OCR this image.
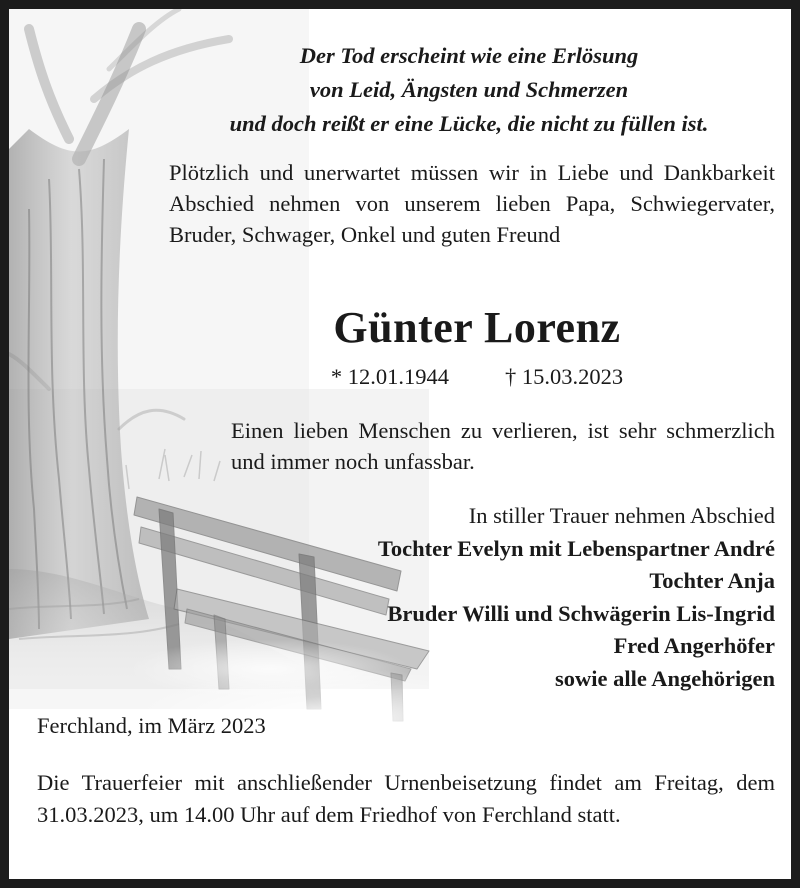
Der Tod erscheint wie eine Erlösung
von Leid, Ängsten und Schmerzen
und doch reißt er eine Lücke, die nicht zu füllen ist.

Plötzlich und unerwartet müssen wir in Liebe und Dankbarkeit Abschied nehmen von unserem lieben Papa, Schwiegervater, Bruder, Schwager, Onkel und guten Freund

Günter Lorenz
* 12.01.1944 † 15.03.2023

Einen lieben Menschen zu verlieren, ist sehr schmerzlich und immer noch unfassbar.

In stiller Trauer nehmen Abschied
Tochter Evelyn mit Lebenspartner André
Tochter Anja
Bruder Willi und Schwägerin Lis-Ingrid
Fred Angerhöfer
sowie alle Angehörigen
Ferchland, im März 2023

Die Trauerfeier mit anschließender Urnenbeisetzung findet am Freitag, dem 31.03.2023, um 14.00 Uhr auf dem Friedhof von Ferchland statt.
